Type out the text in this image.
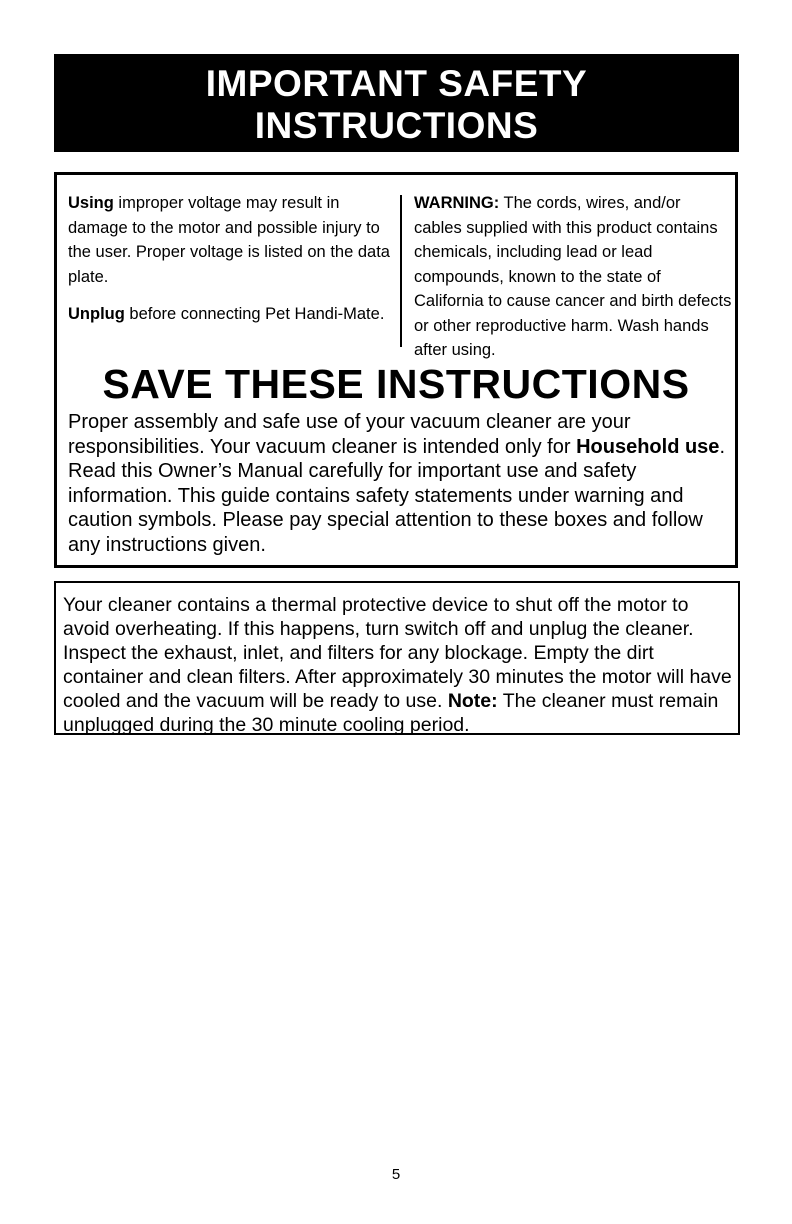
IMPORTANT SAFETY
INSTRUCTIONS

Using improper voltage may result in damage to the motor and possible injury to the user. Proper voltage is listed on the data plate.

Unplug before connecting Pet Handi-Mate.

WARNING: The cords, wires, and/or cables supplied with this product contains chemicals, including lead or lead compounds, known to the state of California to cause cancer and birth defects or other reproductive harm. Wash hands after using.

SAVE THESE INSTRUCTIONS
Proper assembly and safe use of your vacuum cleaner are your responsibilities. Your vacuum cleaner is intended only for Household use. Read this Owner’s Manual carefully for important use and safety information. This guide contains safety statements under warning and caution symbols. Please pay special attention to these boxes and follow any instructions given.
Your cleaner contains a thermal protective device to shut off the motor to avoid overheating. If this happens, turn switch off and unplug the cleaner. Inspect the exhaust, inlet, and filters for any blockage. Empty the dirt container and clean filters. After approximately 30 minutes the motor will have cooled and the vacuum will be ready to use. Note: The cleaner must remain unplugged during the 30 minute cooling period.
5
